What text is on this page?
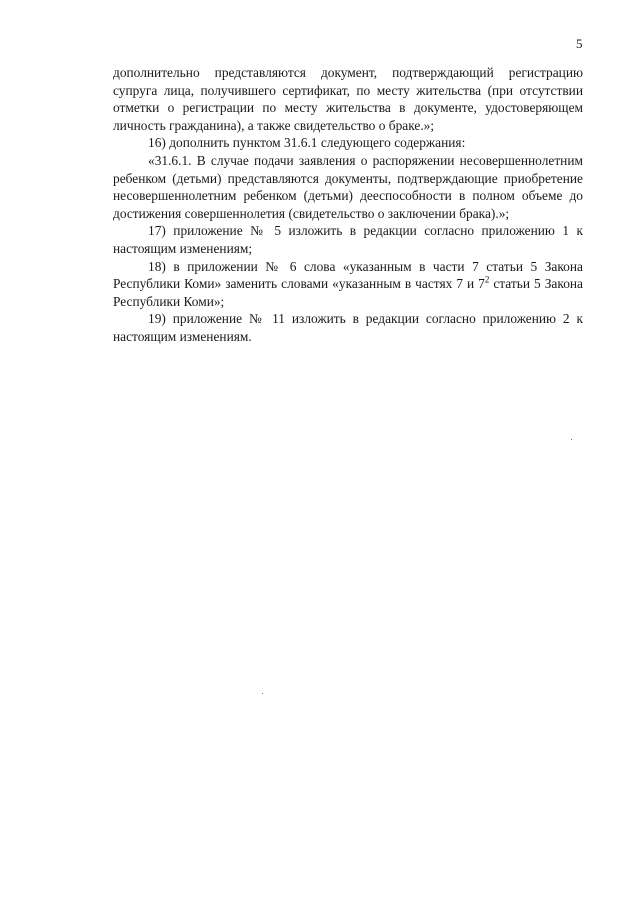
5

дополнительно представляются документ, подтверждающий регистрацию супруга лица, получившего сертификат, по месту жительства (при отсутствии отметки о регистрации по месту жительства в документе, удостоверяющем личность гражданина), а также свидетельство о браке.»;

16) дополнить пунктом 31.6.1 следующего содержания:

«31.6.1. В случае подачи заявления о распоряжении несовершеннолетним ребенком (детьми) представляются документы, подтверждающие приобретение несовершеннолетним ребенком (детьми) дееспособности в полном объеме до достижения совершеннолетия (свидетельство о заключении брака).»;

17) приложение № 5 изложить в редакции согласно приложению 1 к настоящим изменениям;

18) в приложении № 6 слова «указанным в части 7 статьи 5 Закона Республики Коми» заменить словами «указанным в частях 7 и $7^2$ статьи 5 Закона Республики Коми»;

19) приложение № 11 изложить в редакции согласно приложению 2 к настоящим изменениям.
